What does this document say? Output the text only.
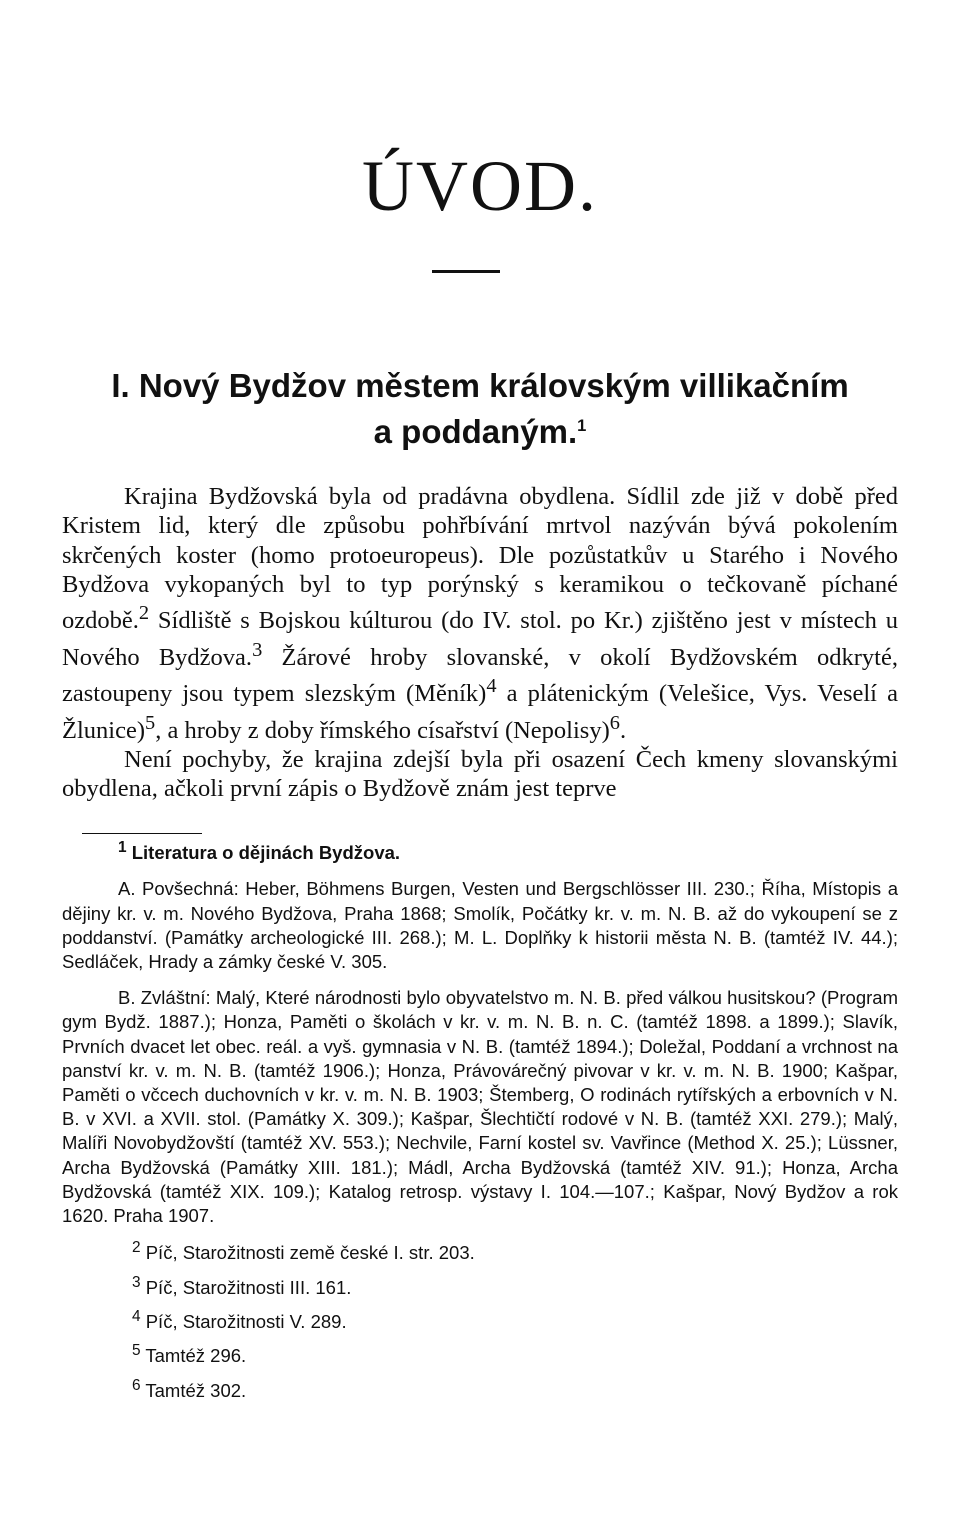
ÚVOD.
I. Nový Bydžov městem královským villikačním
a poddaným.$^1$

Krajina Bydžovská byla od pradávna obydlena. Sídlil zde již v době před Kristem lid, který dle způsobu pohřbívání mrtvol nazýván bývá pokolením skrčených koster (homo protoeuropeus). Dle pozůstatkův u Starého i Nového Bydžova vykopaných byl to typ porýnský s keramikou o tečkovaně píchané ozdobě.$^2$ Sídliště s Bojskou kúlturou (do IV. stol. po Kr.) zjištěno jest v místech u Nového Bydžova.$^3$ Žárové hroby slovanské, v okolí Bydžovském odkryté, zastoupeny jsou typem slezským (Měník)$^4$ a plátenickým (Velešice, Vys. Veselí a Žlunice)$^5$, a hroby z doby římského císařství (Nepolisy)$^6$.

Není pochyby, že krajina zdejší byla při osazení Čech kmeny slovanskými obydlena, ačkoli první zápis o Bydžově znám jest teprve

$^1$ Literatura o dějinách Bydžova.

A. Povšechná: Heber, Böhmens Burgen, Vesten und Bergschlösser III. 230.; Říha, Místopis a dějiny kr. v. m. Nového Bydžova, Praha 1868; Smolík, Počátky kr. v. m. N. B. až do vykoupení se z poddanství. (Památky archeologické III. 268.); M. L. Doplňky k historii města N. B. (tamtéž IV. 44.); Sedláček, Hrady a zámky české V. 305.

B. Zvláštní: Malý, Které národnosti bylo obyvatelstvo m. N. B. před válkou husitskou? (Program gym Bydž. 1887.); Honza, Paměti o školách v kr. v. m. N. B. n. C. (tamtéž 1898. a 1899.); Slavík, Prvních dvacet let obec. reál. a vyš. gymnasia v N. B. (tamtéž 1894.); Doležal, Poddaní a vrchnost na panství kr. v. m. N. B. (tamtéž 1906.); Honza, Právovárečný pivovar v kr. v. m. N. B. 1900; Kašpar, Paměti o včcech duchovních v kr. v. m. N. B. 1903; Štemberg, O rodinách rytířských a erbovních v N. B. v XVI. a XVII. stol. (Památky X. 309.); Kašpar, Šlechtičtí rodové v N. B. (tamtéž XXI. 279.); Malý, Malíři Novobydžovští (tamtéž XV. 553.); Nechvile, Farní kostel sv. Vavřince (Method X. 25.); Lüssner, Archa Bydžovská (Památky XIII. 181.); Mádl, Archa Bydžovská (tamtéž XIV. 91.); Honza, Archa Bydžovská (tamtéž XIX. 109.); Katalog retrosp. výstavy I. 104.—107.; Kašpar, Nový Bydžov a rok 1620. Praha 1907.

$^2$ Píč, Starožitnosti země české I. str. 203.

$^3$ Píč, Starožitnosti III. 161.

$^4$ Píč, Starožitnosti V. 289.

$^5$ Tamtéž 296.

$^6$ Tamtéž 302.
